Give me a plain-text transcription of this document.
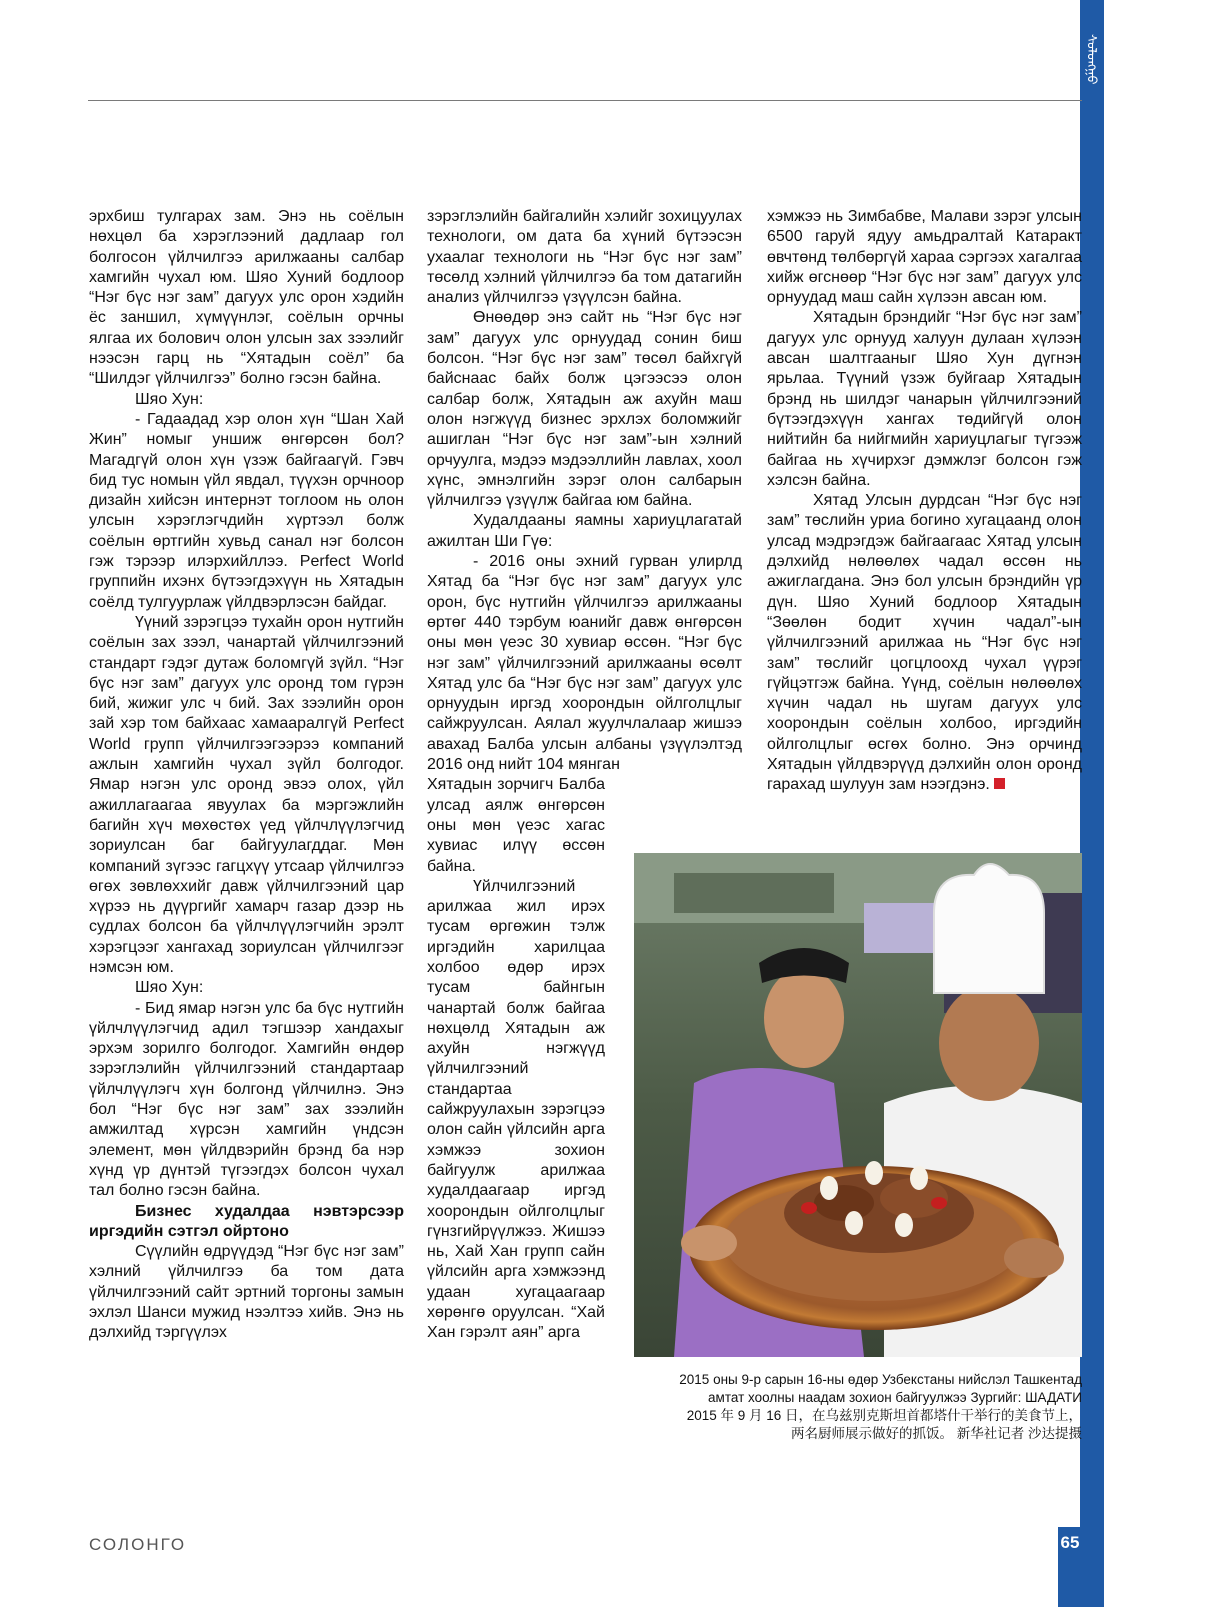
ᠰᠣᠯᠣᠩᠭᠣ

эрхбиш тулгарах зам. Энэ нь соёлын нөхцөл ба хэрэглээний дадлаар гол болгосон үйлчилгээ арилжааны салбар хамгийн чухал юм. Шяо Хуний бодлоор “Нэг бүс нэг зам” дагуух улс орон хэдийн ёс заншил, хүмүүнлэг, соёлын орчны ялгаа их болович олон улсын зах зээлийг нээсэн гарц нь “Хятадын соёл” ба “Шилдэг үйлчилгээ” болно гэсэн байна.

Шяо Хун:

- Гадаадад хэр олон хүн “Шан Хай Жин” номыг уншиж өнгөрсөн бол? Магадгүй олон хүн үзэж байгаагүй. Гэвч бид тус номын үйл явдал, түүхэн орчноор дизайн хийсэн интернэт тоглоом нь олон улсын хэрэглэгчдийн хүртээл болж соёлын өртгийн хувьд санал нэг болсон гэж тэрээр илэрхийллээ. Perfect World группийн ихэнх бүтээгдэхүүн нь Хятадын соёлд тулгуурлаж үйлдвэрлэсэн байдаг.

Үүний зэрэгцээ тухайн орон нутгийн соёлын зах зээл, чанартай үйлчилгээний стандарт гэдэг дутаж боломгүй зүйл. “Нэг бүс нэг зам” дагуух улс оронд том гүрэн бий, жижиг улс ч бий. Зах зээлийн орон зай хэр том байхаас хамааралгүй Perfect World групп үйлчилгээгээрээ компаний ажлын хамгийн чухал зүйл болгодог. Ямар нэгэн улс оронд эвээ олох, үйл ажиллагаагаа явуулах ба мэргэжлийн багийн хүч мөхөстөх үед үйлчлүүлэгчид зориулсан баг байгуулагддаг. Мөн компаний зүгээс гагцхүү утсаар үйлчилгээ өгөх зөвлөххийг давж үйлчилгээний цар хүрээ нь дүүргийг хамарч газар дээр нь судлах болсон ба үйлчлүүлэгчийн эрэлт хэрэгцээг хангахад зориулсан үйлчилгээг нэмсэн юм.

Шяо Хун:

- Бид ямар нэгэн улс ба бүс нутгийн үйлчлүүлэгчид адил тэгшээр хандахыг эрхэм зорилго болгодог. Хамгийн өндөр зэрэглэлийн үйлчилгээний стандартаар үйлчлүүлэгч хүн болгонд үйлчилнэ. Энэ бол “Нэг бүс нэг зам” зах зээлийн амжилтад хүрсэн хамгийн үндсэн элемент, мөн үйлдвэрийн брэнд ба нэр хүнд үр дүнтэй түгээгдэх болсон чухал тал болно гэсэн байна.

Бизнес худалдаа нэвтэрсээр иргэдийн сэтгэл ойртоно

Сүүлийн өдрүүдэд “Нэг бүс нэг зам” хэлний үйлчилгээ ба том дата үйлчилгээний сайт эртний торгоны замын эхлэл Шанси мужид нээлтээ хийв. Энэ нь дэлхийд тэргүүлэх

зэрэглэлийн байгалийн хэлийг зохицуулах технологи, ом дата ба хүний бүтээсэн ухаалаг технологи нь “Нэг бүс нэг зам” төсөлд хэлний үйлчилгээ ба том датагийн анализ үйлчилгээ үзүүлсэн байна.

Өнөөдөр энэ сайт нь “Нэг бүс нэг зам” дагуух улс орнуудад сонин биш болсон. “Нэг бүс нэг зам” төсөл байхгүй байснаас байх болж цэгээсээ олон салбар болж, Хятадын аж ахуйн маш олон нэгжүүд бизнес эрхлэх боломжийг ашиглан “Нэг бүс нэг зам”-ын хэлний орчуулга, мэдээ мэдээллийн лавлах, хоол хүнс, эмнэлгийн зэрэг олон салбарын үйлчилгээ үзүүлж байгаа юм байна.

Худалдааны яамны хариуцлагатай ажилтан Ши Гүө:

- 2016 оны эхний гурван улирлд Хятад ба “Нэг бүс нэг зам” дагуух улс орон, бүс нутгийн үйлчилгээ арилжааны өртөг 440 тэрбум юанийг давж өнгөрсөн оны мөн үеэс 30 хувиар өссөн. “Нэг бүс нэг зам” үйлчилгээний арилжааны өсөлт Хятад улс ба “Нэг бүс нэг зам” дагуух улс орнуудын иргэд хоорондын ойлголцлыг сайжруулсан. Аялал жуулчлалаар жишээ авахад Балба улсын албаны үзүүлэлтэд 2016 онд нийт 104 мянган

Хятадын зорчигч Балба улсад аялж өнгөрсөн оны мөн үеэс хагас хувиас илүү өссөн байна.

Үйлчилгээний арилжаа жил ирэх тусам өргөжин тэлж иргэдийн харилцаа холбоо өдөр ирэх тусам байнгын чанартай болж байгаа нөхцөлд Хятадын аж ахуйн нэгжүүд үйлчилгээний стандартаа сайжруулахын зэрэгцээ олон сайн үйлсийн арга хэмжээ зохион байгуулж арилжаа худалдаагаар иргэд хоорондын ойлголцлыг гүнзгийрүүлжээ. Жишээ нь, Хай Хан групп сайн үйлсийн арга хэмжээнд удаан хугацаагаар хөрөнгө оруулсан. “Хай Хан гэрэлт аян” арга

хэмжээ нь Зимбабве, Малави зэрэг улсын 6500 гаруй ядуу амьдралтай Катаракт өвчтөнд төлбөргүй хараа сэргээх хагалгаа хийж өгснөөр “Нэг бүс нэг зам” дагуух улс орнуудад маш сайн хүлээн авсан юм.

Хятадын брэндийг “Нэг бүс нэг зам” дагуух улс орнууд халуун дулаан хүлээн авсан шалтгааныг Шяо Хун дүгнэн ярьлаа. Түүний үзэж буйгаар Хятадын брэнд нь шилдэг чанарын үйлчилгээний бүтээгдэхүүн хангах төдийгүй олон нийтийн ба нийгмийн хариуцлагыг түгээж байгаа нь хүчирхэг дэмжлэг болсон гэж хэлсэн байна.

Хятад Улсын дурдсан “Нэг бүс нэг зам” төслийн уриа богино хугацаанд олон улсад мэдрэгдэж байгаагаас Хятад улсын дэлхийд нөлөөлөх чадал өссөн нь ажиглагдана. Энэ бол улсын брэндийн үр дүн. Шяо Хуний бодлоор Хятадын “Зөөлөн бодит хүчин чадал”-ын үйлчилгээний арилжаа нь “Нэг бүс нэг зам” төслийг цогцлоохд чухал үүрэг гүйцэтгэж байна. Үүнд, соёлын нөлөөлөх хүчин чадал нь шугам дагуух улс хоорондын соёлын холбоо, иргэдийн ойлголцлыг өсгөх болно. Энэ орчинд Хятадын үйлдвэрүүд дэлхийн олон оронд гарахад шулуун зам нээгдэнэ.

2015 оны 9-р сарын 16-ны өдөр Узбекстаны нийслэл Ташкентад
амтат хоолны наадам зохион байгуулжээ Зургийг: ШАДАТИ
2015 年 9 月 16 日，在乌兹别克斯坦首都塔什干举行的美食节上，
两名厨师展示做好的抓饭。 新华社记者 沙达提摄
СОЛОНГО	65
